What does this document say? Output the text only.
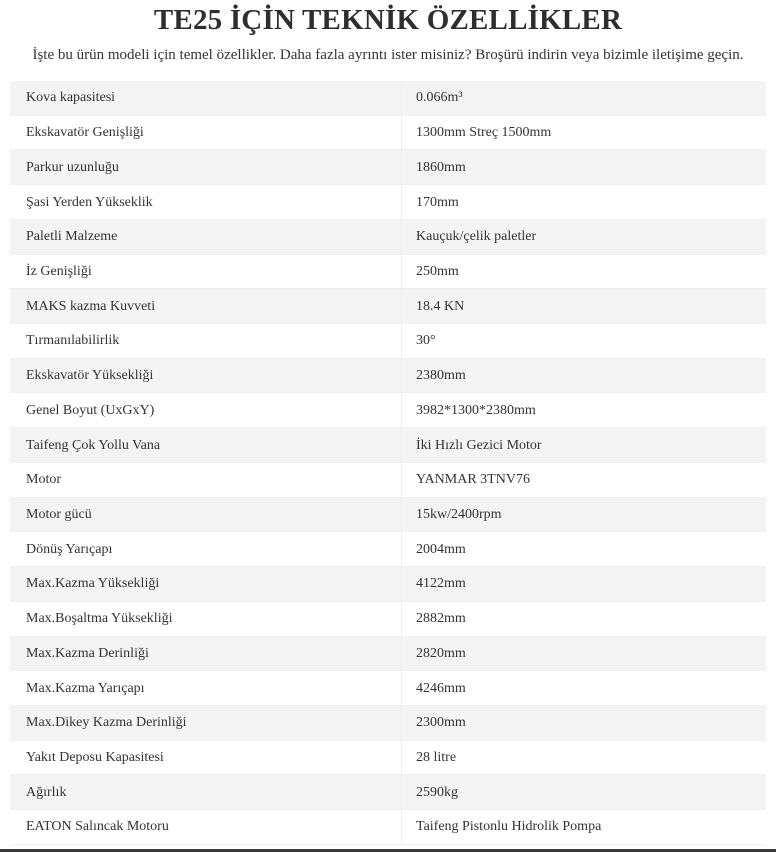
TE25 İÇİN TEKNİK ÖZELLİKLER

İşte bu ürün modeli için temel özellikler. Daha fazla ayrıntı ister misiniz? Broşürü indirin veya bizimle iletişime geçin.

Kova kapasitesi	0.066m³
Ekskavatör Genişliği	1300mm Streç 1500mm
Parkur uzunluğu	1860mm
Şasi Yerden Yükseklik	170mm
Paletli Malzeme	Kauçuk/çelik paletler
İz Genişliği	250mm
MAKS kazma Kuvveti	18.4 KN
Tırmanılabilirlik	30°
Ekskavatör Yüksekliği	2380mm
Genel Boyut (UxGxY)	3982*1300*2380mm
Taifeng Çok Yollu Vana	İki Hızlı Gezici Motor
Motor	YANMAR 3TNV76
Motor gücü	15kw/2400rpm
Dönüş Yarıçapı	2004mm
Max.Kazma Yüksekliği	4122mm
Max.Boşaltma Yüksekliği	2882mm
Max.Kazma Derinliği	2820mm
Max.Kazma Yarıçapı	4246mm
Max.Dikey Kazma Derinliği	2300mm
Yakıt Deposu Kapasitesi	28 litre
Ağırlık	2590kg
EATON Salıncak Motoru	Taifeng Pistonlu Hidrolik Pompa
